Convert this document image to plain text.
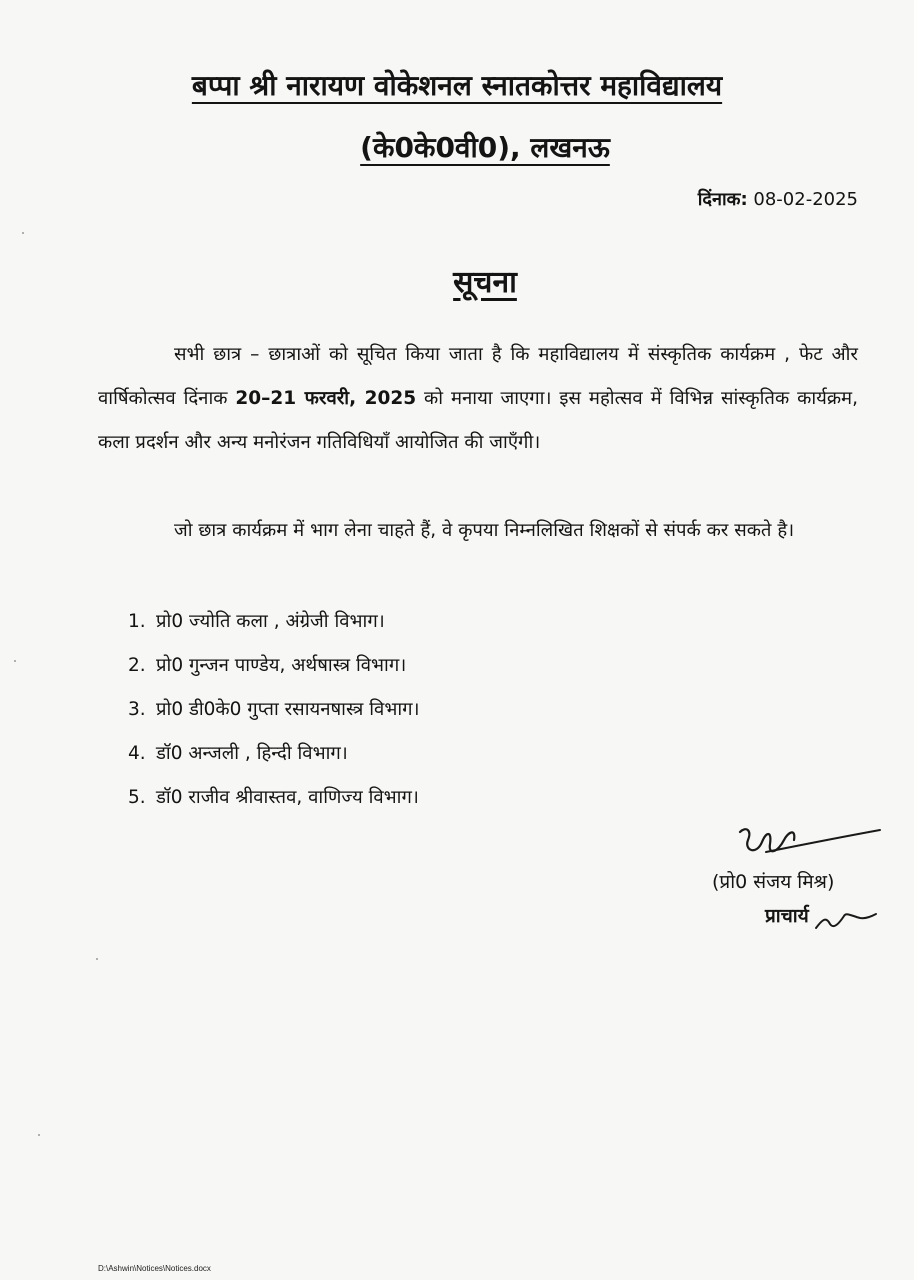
बप्पा श्री नारायण वोकेशनल स्नातकोत्तर महाविद्यालय
(के0के0वी0), लखनऊ
दिंनाक: 08-02-2025
सूचना

सभी छात्र – छात्राओं को सूचित किया जाता है कि महाविद्यालय में संस्कृतिक कार्यक्रम , फेट और वार्षिकोत्सव दिंनाक 20–21 फरवरी, 2025 को मनाया जाएगा। इस महोत्सव में विभिन्न सांस्कृतिक कार्यक्रम, कला प्रदर्शन और अन्य मनोरंजन गतिविधियाँ आयोजित की जाएँगी।

जो छात्र कार्यक्रम में भाग लेना चाहते हैं, वे कृपया निम्नलिखित शिक्षकों से संपर्क कर सकते है।

1. प्रो0 ज्योति कला , अंग्रेजी विभाग।
2. प्रो0 गुन्जन पाण्डेय, अर्थषास्त्र विभाग।
3. प्रो0 डी0के0 गुप्ता रसायनषास्त्र विभाग।
4. डॉ0 अन्जली , हिन्दी विभाग।
5. डॉ0 राजीव श्रीवास्तव, वाणिज्य विभाग।
(प्रो0 संजय मिश्र)
प्राचार्य
D:\Ashwin\Notices\Notices.docx
